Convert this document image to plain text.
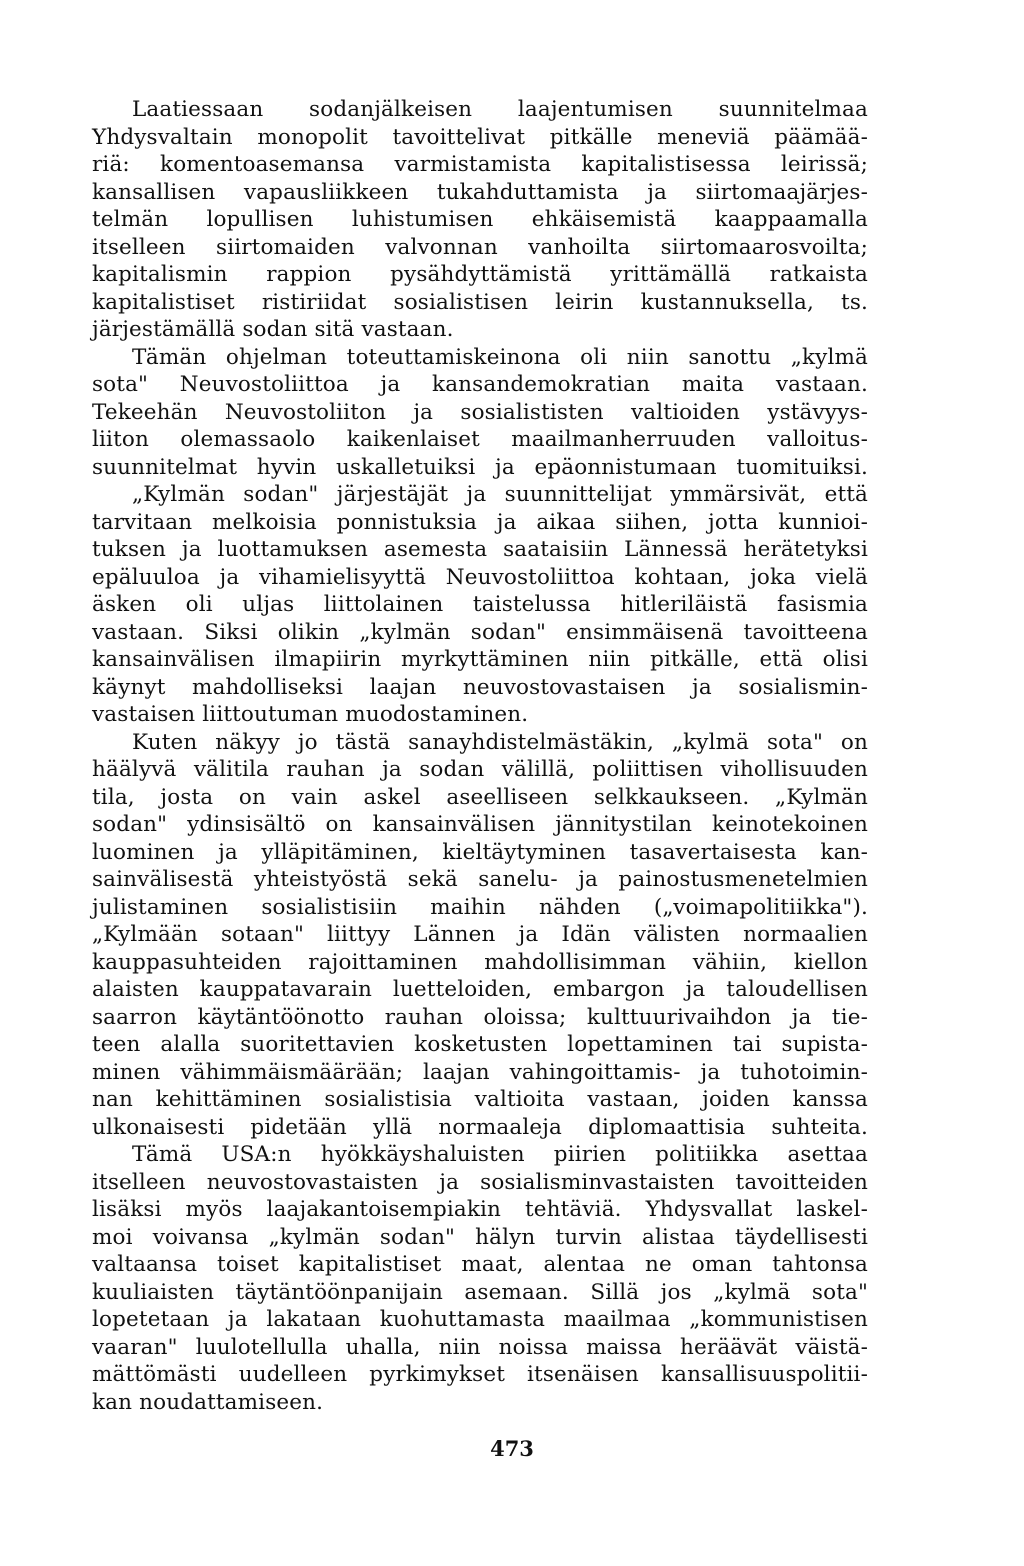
Laatiessaan sodanjälkeisen laajentumisen suunnitelmaa
Yhdysvaltain monopolit tavoittelivat pitkälle meneviä päämää-
riä: komentoasemansa varmistamista kapitalistisessa leirissä;
kansallisen vapausliikkeen tukahduttamista ja siirtomaajärjes-
telmän lopullisen luhistumisen ehkäisemistä kaappaamalla
itselleen siirtomaiden valvonnan vanhoilta siirtomaarosvoilta;
kapitalismin rappion pysähdyttämistä yrittämällä ratkaista
kapitalistiset ristiriidat sosialistisen leirin kustannuksella, ts.
järjestämällä sodan sitä vastaan.
Tämän ohjelman toteuttamiskeinona oli niin sanottu „kylmä
sota" Neuvostoliittoa ja kansandemokratian maita vastaan.
Tekeehän Neuvostoliiton ja sosialististen valtioiden ystävyys-
liiton olemassaolo kaikenlaiset maailmanherruuden valloitus-
suunnitelmat hyvin uskalletuiksi ja epäonnistumaan tuomituiksi.
„Kylmän sodan" järjestäjät ja suunnittelijat ymmärsivät, että
tarvitaan melkoisia ponnistuksia ja aikaa siihen, jotta kunnioi-
tuksen ja luottamuksen asemesta saataisiin Lännessä herätetyksi
epäluuloa ja vihamielisyyttä Neuvostoliittoa kohtaan, joka vielä
äsken oli uljas liittolainen taistelussa hitleriläistä fasismia
vastaan. Siksi olikin „kylmän sodan" ensimmäisenä tavoitteena
kansainvälisen ilmapiirin myrkyttäminen niin pitkälle, että olisi
käynyt mahdolliseksi laajan neuvostovastaisen ja sosialismin-
vastaisen liittoutuman muodostaminen.
Kuten näkyy jo tästä sanayhdistelmästäkin, „kylmä sota" on
häälyvä välitila rauhan ja sodan välillä, poliittisen vihollisuuden
tila, josta on vain askel aseelliseen selkkaukseen. „Kylmän
sodan" ydinsisältö on kansainvälisen jännitystilan keinotekoinen
luominen ja ylläpitäminen, kieltäytyminen tasavertaisesta kan-
sainvälisestä yhteistyöstä sekä sanelu- ja painostusmenetelmien
julistaminen sosialistisiin maihin nähden („voimapolitiikka").
„Kylmään sotaan" liittyy Lännen ja Idän välisten normaalien
kauppasuhteiden rajoittaminen mahdollisimman vähiin, kiellon
alaisten kauppatavarain luetteloiden, embargon ja taloudellisen
saarron käytäntöönotto rauhan oloissa; kulttuurivaihdon ja tie-
teen alalla suoritettavien kosketusten lopettaminen tai supista-
minen vähimmäismäärään; laajan vahingoittamis- ja tuhotoimin-
nan kehittäminen sosialistisia valtioita vastaan, joiden kanssa
ulkonaisesti pidetään yllä normaaleja diplomaattisia suhteita.
Tämä USA:n hyökkäyshaluisten piirien politiikka asettaa
itselleen neuvostovastaisten ja sosialisminvastaisten tavoitteiden
lisäksi myös laajakantoisempiakin tehtäviä. Yhdysvallat laskel-
moi voivansa „kylmän sodan" hälyn turvin alistaa täydellisesti
valtaansa toiset kapitalistiset maat, alentaa ne oman tahtonsa
kuuliaisten täytäntöönpanijain asemaan. Sillä jos „kylmä sota"
lopetetaan ja lakataan kuohuttamasta maailmaa „kommunistisen
vaaran" luulotellulla uhalla, niin noissa maissa heräävät väistä-
mättömästi uudelleen pyrkimykset itsenäisen kansallisuuspolitii-
kan noudattamiseen.
473
